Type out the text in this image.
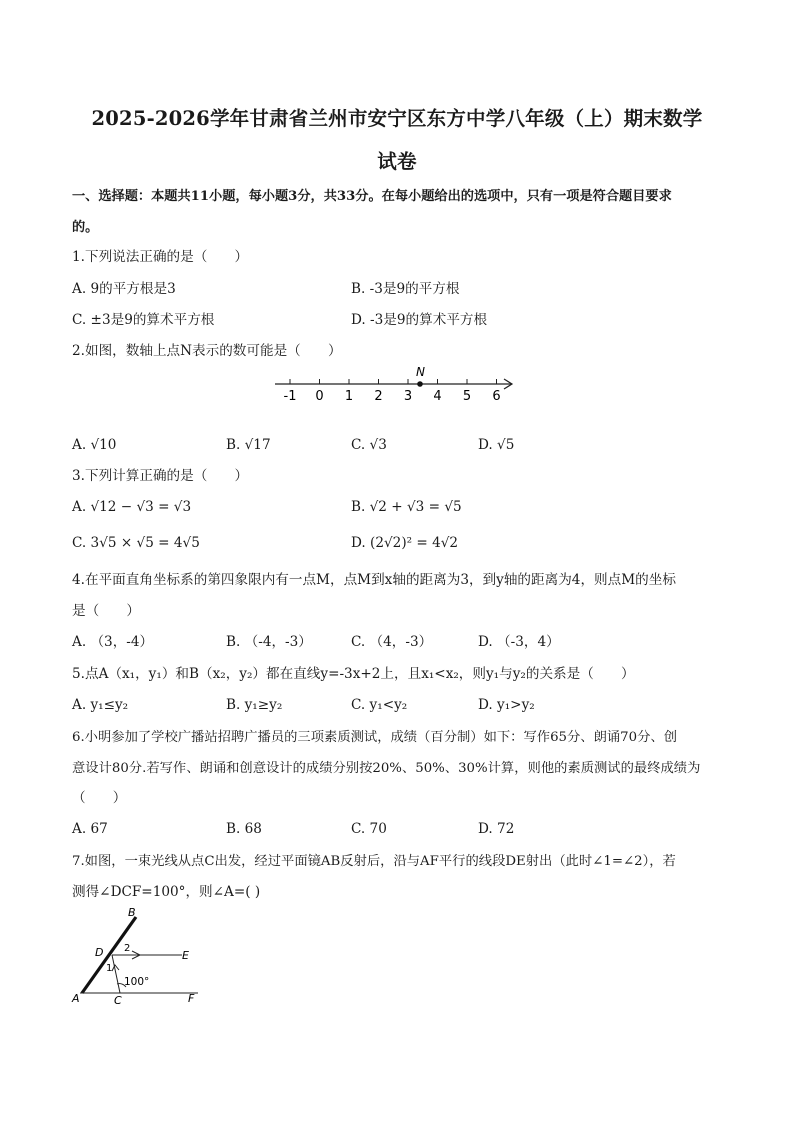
2025-2026学年甘肃省兰州市安宁区东方中学八年级（上）期末数学
试卷
一、选择题：本题共11小题，每小题3分，共33分。在每小题给出的选项中，只有一项是符合题目要求
的。
1.下列说法正确的是（　　）
A. 9的平方根是3	B. -3是9的平方根
C. ±3是9的算术平方根	D. -3是9的算术平方根
2.如图，数轴上点N表示的数可能是（　　）
-1 0 1 2 3 4 5 6
N
A. √10	B. √17	C. √3	D. √5
3.下列计算正确的是（　　）
A. √12 − √3 = √3	B. √2 + √3 = √5
C. 3√5 × √5 = 4√5	D. (2√2)² = 4√2
4.在平面直角坐标系的第四象限内有一点M，点M到x轴的距离为3，到y轴的距离为4，则点M的坐标
是（　　）
A. （3，-4）	B. （-4，-3）	C. （4，-3）	D. （-3，4）
5.点A（x₁，y₁）和B（x₂，y₂）都在直线y=-3x+2上，且x₁<x₂，则y₁与y₂的关系是（　　）
A. y₁≤y₂	B. y₁≥y₂	C. y₁<y₂	D. y₁>y₂
6.小明参加了学校广播站招聘广播员的三项素质测试，成绩（百分制）如下：写作65分、朗诵70分、创
意设计80分.若写作、朗诵和创意设计的成绩分别按20%、50%、30%计算，则他的素质测试的最终成绩为
（　　）
A. 67	B. 68	C. 70	D. 72
7.如图，一束光线从点C出发，经过平面镜AB反射后，沿与AF平行的线段DE射出（此时∠1=∠2），若
测得∠DCF=100°，则∠A=( )
B
D	E
A	C	F
2
1
100°
